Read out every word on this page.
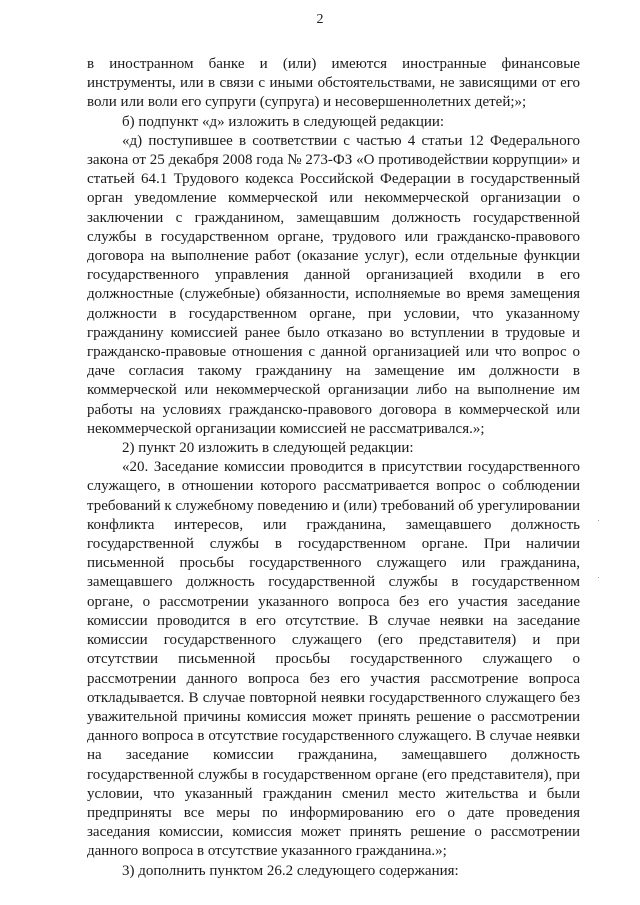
2

в иностранном банке и (или) имеются иностранные финансовые инструменты, или в связи с иными обстоятельствами, не зависящими от его воли или воли его супруги (супруга) и несовершеннолетних детей;»;

б) подпункт «д» изложить в следующей редакции:

«д) поступившее в соответствии с частью 4 статьи 12 Федерального закона от 25 декабря 2008 года № 273-ФЗ «О противодействии коррупции» и статьей 64.1 Трудового кодекса Российской Федерации в государственный орган уведомление коммерческой или некоммерческой организации о заключении с гражданином, замещавшим должность государственной службы в государственном органе, трудового или гражданско-правового договора на выполнение работ (оказание услуг), если отдельные функции государственного управления данной организацией входили в его должностные (служебные) обязанности, исполняемые во время замещения должности в государственном органе, при условии, что указанному гражданину комиссией ранее было отказано во вступлении в трудовые и гражданско-правовые отношения с данной организацией или что вопрос о даче согласия такому гражданину на замещение им должности в коммерческой или некоммерческой организации либо на выполнение им работы на условиях гражданско-правового договора в коммерческой или некоммерческой организации комиссией не рассматривался.»;

2) пункт 20 изложить в следующей редакции:

«20. Заседание комиссии проводится в присутствии государственного служащего, в отношении которого рассматривается вопрос о соблюдении требований к служебному поведению и (или) требований об урегулировании конфликта интересов, или гражданина, замещавшего должность государственной службы в государственном органе. При наличии письменной просьбы государственного служащего или гражданина, замещавшего должность государственной службы в государственном органе, о рассмотрении указанного вопроса без его участия заседание комиссии проводится в его отсутствие. В случае неявки на заседание комиссии государственного служащего (его представителя) и при отсутствии письменной просьбы государственного служащего о рассмотрении данного вопроса без его участия рассмотрение вопроса откладывается. В случае повторной неявки государственного служащего без уважительной причины комиссия может принять решение о рассмотрении данного вопроса в отсутствие государственного служащего. В случае неявки на заседание комиссии гражданина, замещавшего должность государственной службы в государственном органе (его представителя), при условии, что указанный гражданин сменил место жительства и были предприняты все меры по информированию его о дате проведения заседания комиссии, комиссия может принять решение о рассмотрении данного вопроса в отсутствие указанного гражданина.»;

3) дополнить пунктом 26.2 следующего содержания:
